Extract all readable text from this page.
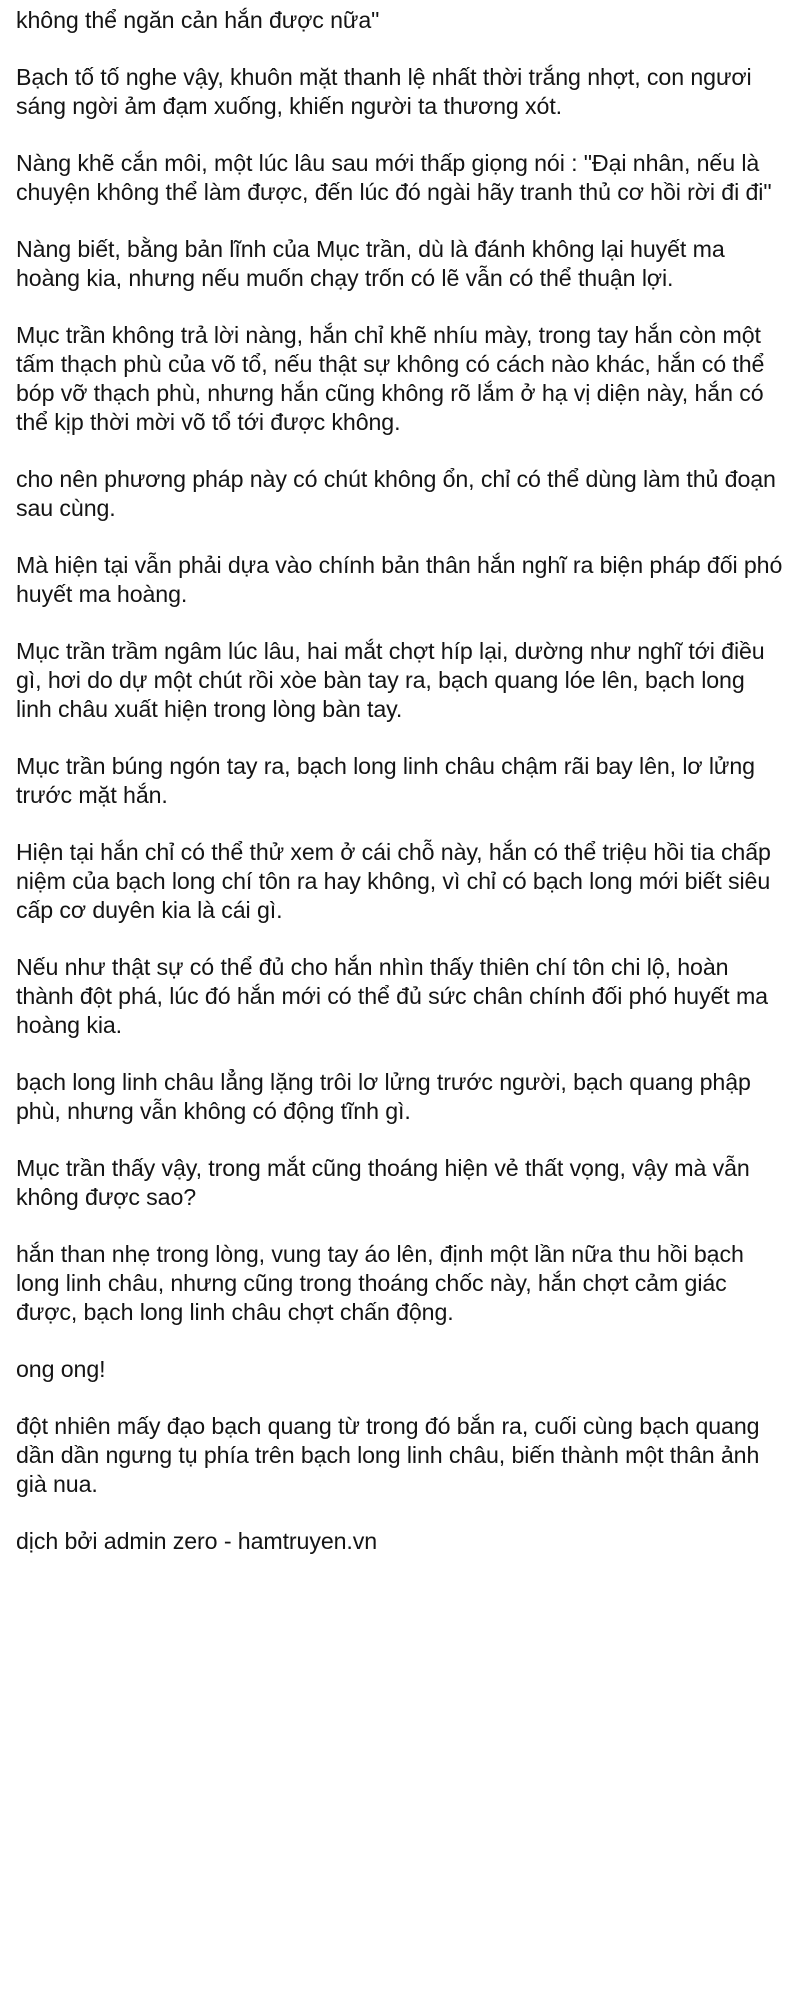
không thể ngăn cản hắn được nữa"

Bạch tố tố nghe vậy, khuôn mặt thanh lệ nhất thời trắng nhợt, con ngươi sáng ngời ảm đạm xuống, khiến người ta thương xót.

Nàng khẽ cắn môi, một lúc lâu sau mới thấp giọng nói : "Đại nhân, nếu là chuyện không thể làm được, đến lúc đó ngài hãy tranh thủ cơ hồi rời đi đi"

Nàng biết, bằng bản lĩnh của Mục trần, dù là đánh không lại huyết ma hoàng kia, nhưng nếu muốn chạy trốn có lẽ vẫn có thể thuận lợi.

Mục trần không trả lời nàng, hắn chỉ khẽ nhíu mày, trong tay hắn còn một tấm thạch phù của võ tổ, nếu thật sự không có cách nào khác, hắn có thể bóp vỡ thạch phù, nhưng hắn cũng không rõ lắm ở hạ vị diện này, hắn có thể kịp thời mời võ tổ tới được không.

cho nên phương pháp này có chút không ổn, chỉ có thể dùng làm thủ đoạn sau cùng.

Mà hiện tại vẫn phải dựa vào chính bản thân hắn nghĩ ra biện pháp đối phó huyết ma hoàng.

Mục trần trầm ngâm lúc lâu, hai mắt chợt híp lại, dường như nghĩ tới điều gì, hơi do dự một chút rồi xòe bàn tay ra, bạch quang lóe lên, bạch long linh châu xuất hiện trong lòng bàn tay.

Mục trần búng ngón tay ra, bạch long linh châu chậm rãi bay lên, lơ lửng trước mặt hắn.

Hiện tại hắn chỉ có thể thử xem ở cái chỗ này, hắn có thể triệu hồi tia chấp niệm của bạch long chí tôn ra hay không, vì chỉ có bạch long mới biết siêu cấp cơ duyên kia là cái gì.

Nếu như thật sự có thể đủ cho hắn nhìn thấy thiên chí tôn chi lộ, hoàn thành đột phá, lúc đó hắn mới có thể đủ sức chân chính đối phó huyết ma hoàng kia.

bạch long linh châu lẳng lặng trôi lơ lửng trước người, bạch quang phập phù, nhưng vẫn không có động tĩnh gì.

Mục trần thấy vậy, trong mắt cũng thoáng hiện vẻ thất vọng, vậy mà vẫn không được sao?

hắn than nhẹ trong lòng, vung tay áo lên, định một lần nữa thu hồi bạch long linh châu, nhưng cũng trong thoáng chốc này, hắn chợt cảm giác được, bạch long linh châu chợt chấn động.

ong ong!

đột nhiên mấy đạo bạch quang từ trong đó bắn ra, cuối cùng bạch quang dần dần ngưng tụ phía trên bạch long linh châu, biến thành một thân ảnh già nua.

dịch bởi admin zero - hamtruyen.vn
